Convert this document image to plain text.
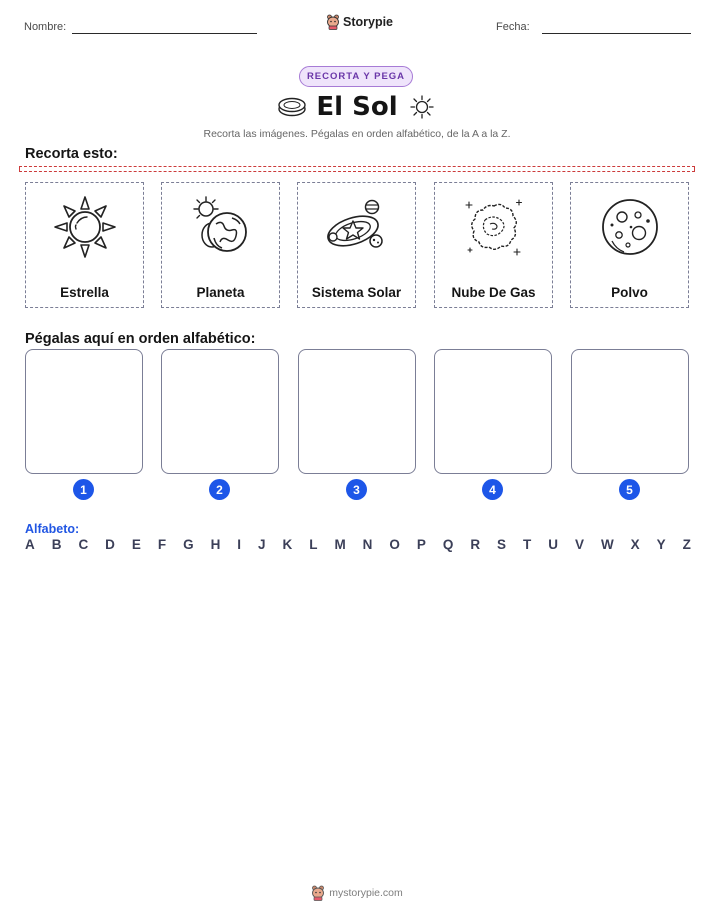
Nombre:	Storypie	Fecha:
RECORTA Y PEGA
El Sol
Recorta las imágenes. Pégalas en orden alfabético, de la A a la Z.
Recorta esto:
Estrella	Planeta	Sistema Solar	Nube De Gas	Polvo
Pégalas aquí en orden alfabético:
1	2	3	4	5
Alfabeto:
A B C D E F G H I J K L M N O P Q R S T U V W X Y Z
mystorypie.com
